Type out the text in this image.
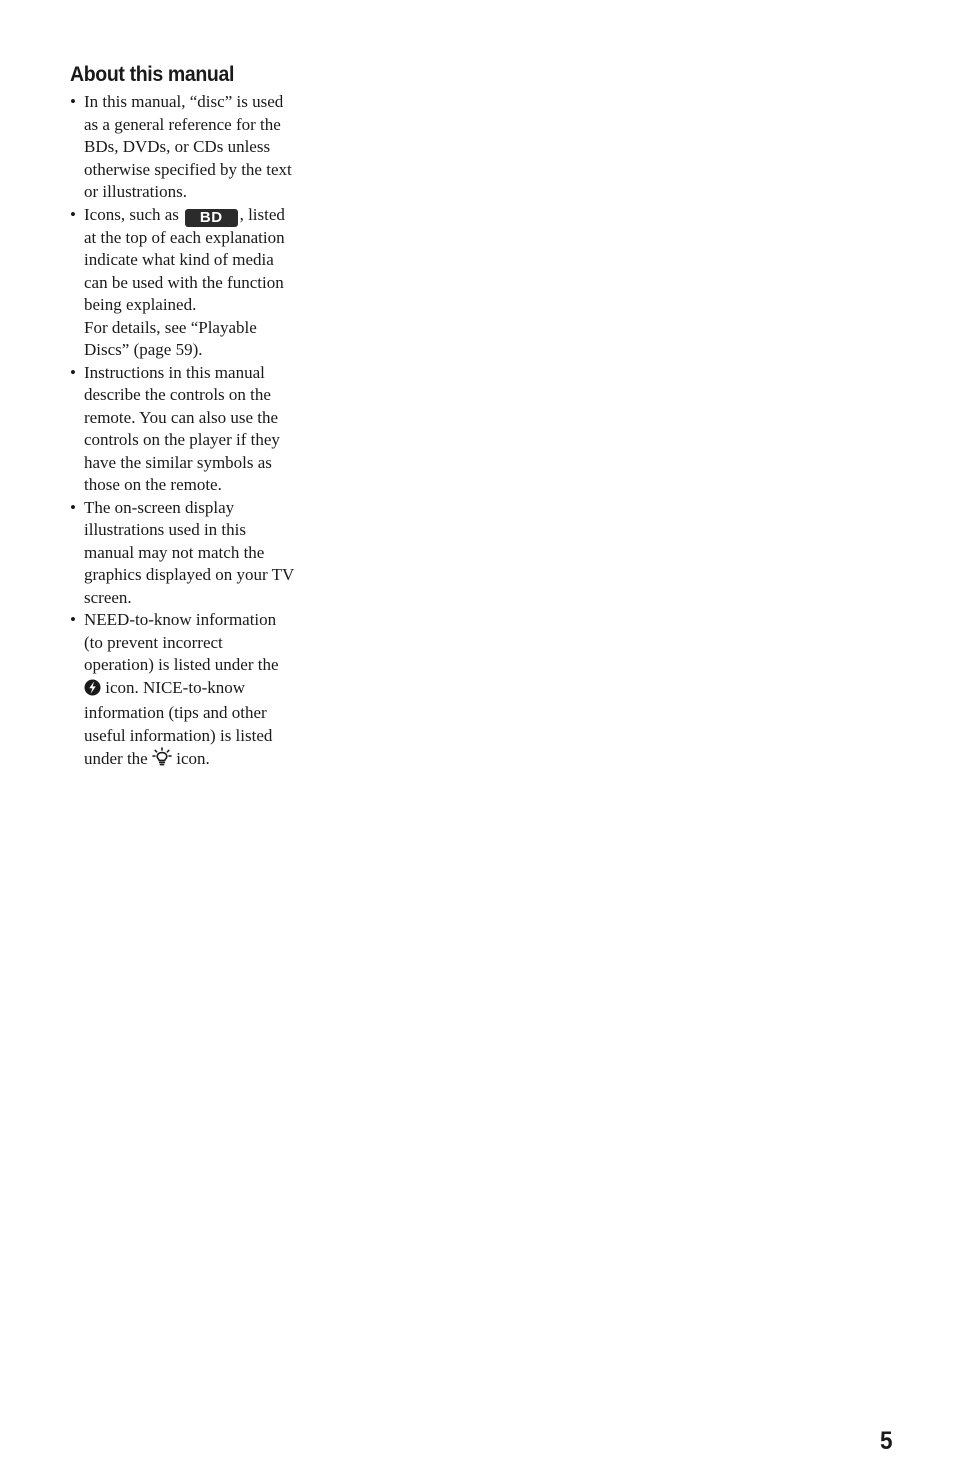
About this manual
• In this manual, “disc” is used
as a general reference for the
BDs, DVDs, or CDs unless
otherwise specified by the text
or illustrations.
• Icons, such as BD , listed
at the top of each explanation
indicate what kind of media
can be used with the function
being explained.
For details, see “Playable
Discs” (page 59).
• Instructions in this manual
describe the controls on the
remote. You can also use the
controls on the player if they
have the similar symbols as
those on the remote.
• The on-screen display
illustrations used in this
manual may not match the
graphics displayed on your TV
screen.
• NEED-to-know information
(to prevent incorrect
operation) is listed under the
icon. NICE-to-know
information (tips and other
useful information) is listed
under the  icon.
5
